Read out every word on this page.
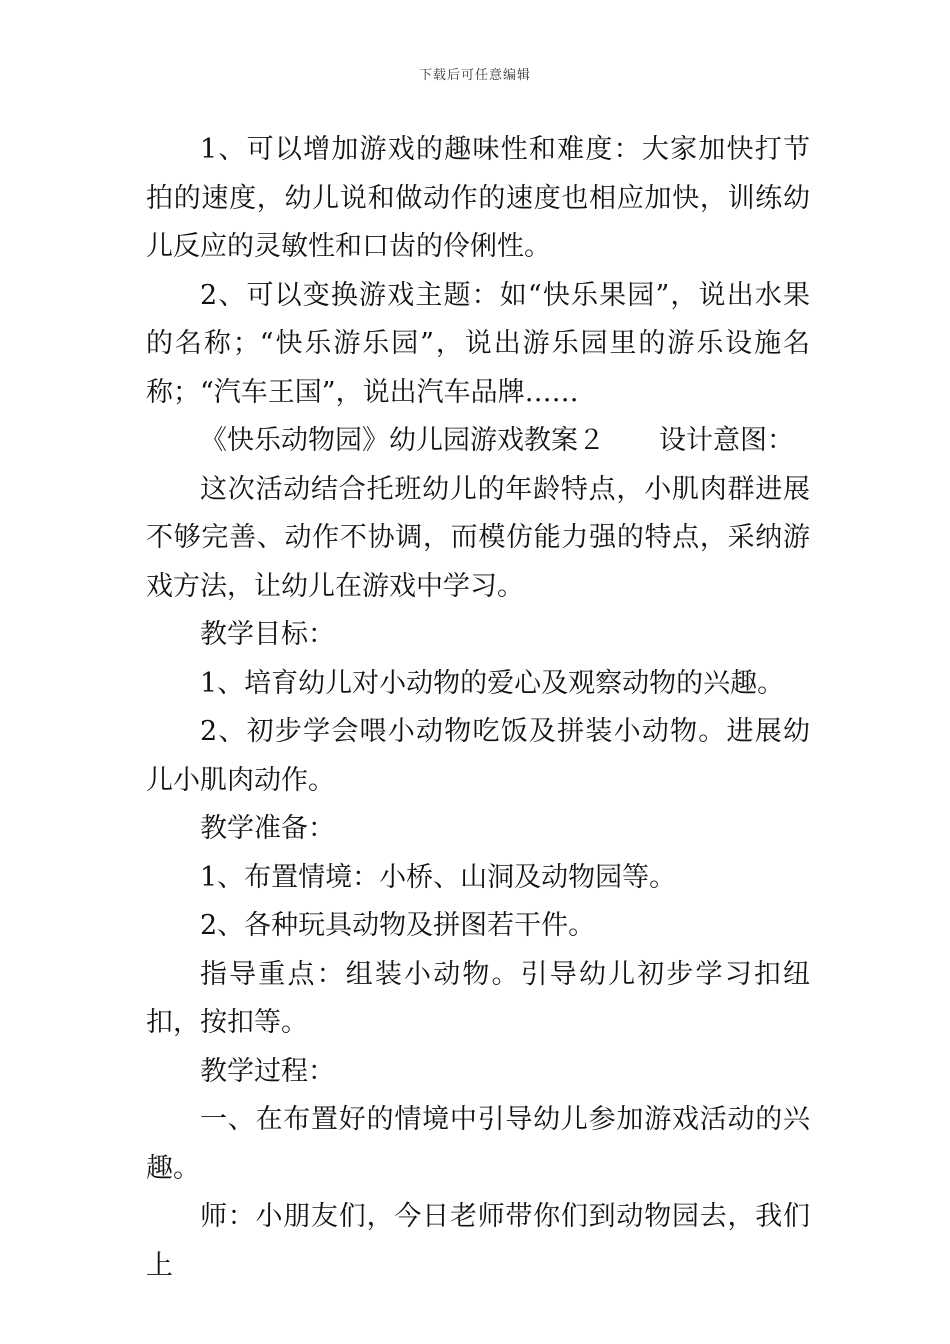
下载后可任意编辑

1、可以增加游戏的趣味性和难度：大家加快打节拍的速度，幼儿说和做动作的速度也相应加快，训练幼儿反应的灵敏性和口齿的伶俐性。

2、可以变换游戏主题：如“快乐果园”，说出水果的名称；“快乐游乐园”，说出游乐园里的游乐设施名称；“汽车王国”，说出汽车品牌……

《快乐动物园》幼儿园游戏教案２ 设计意图：

这次活动结合托班幼儿的年龄特点，小肌肉群进展不够完善、动作不协调，而模仿能力强的特点，采纳游戏方法，让幼儿在游戏中学习。

教学目标：

1、培育幼儿对小动物的爱心及观察动物的兴趣。

2、初步学会喂小动物吃饭及拼装小动物。进展幼儿小肌肉动作。

教学准备：

1、布置情境：小桥、山洞及动物园等。

2、各种玩具动物及拼图若干件。

指导重点：组装小动物。引导幼儿初步学习扣纽扣，按扣等。

教学过程：

一、在布置好的情境中引导幼儿参加游戏活动的兴趣。

师：小朋友们，今日老师带你们到动物园去，我们上
